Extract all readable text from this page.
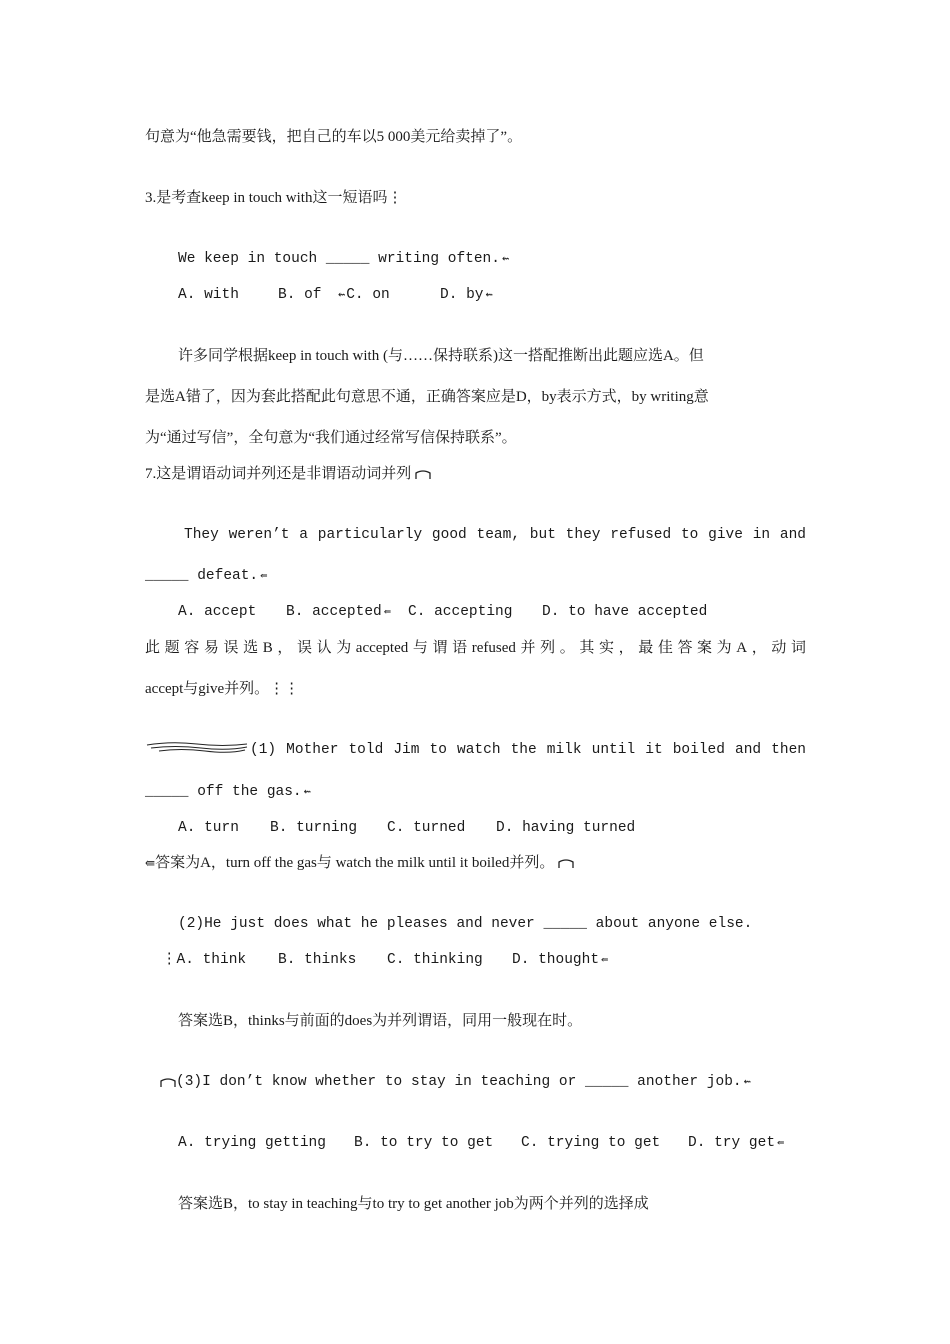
句意为“他急需要钱，把自己的车以5 000美元给卖掉了”。
3.是考查keep in touch with这一短语吗⋮
We keep in touch _____ writing often. ⇜
A. with	B. of ⇜C. on	D. by ⇜
许多同学根据keep in touch with (与……保持联系)这一搭配推断出此题应选A。但
是选A错了，因为套此搭配此句意思不通，正确答案应是D，by表示方式，by writing意
为“通过写信”，全句意为“我们通过经常写信保持联系”。
7.这是谓语动词并列还是非谓语动词并列
They weren’t a particularly good team, but they refused to give in and
_____ defeat. ⇚
A. accept B. accepted ⇚ C. accepting D. to have accepted
此题容易误选B，误认为accepted与谓语refused并列。其实，最佳答案为A，动词
accept与give并列。⋮⋮
(1) Mother told Jim to watch the milk until it boiled and then
_____ off the gas. ⇜
A. turn B. turning C. turned D. having turned
⇚答案为A，turn off the gas与 watch the milk until it boiled并列。
(2)He just does what he pleases and never _____ about anyone else.
⋮A. think B. thinks C. thinking D. thought ⇚
答案选B，thinks与前面的does为并列谓语，同用一般现在时。
(3)I don’t know whether to stay in teaching or _____ another job. ⇜
A. trying getting B. to try to get C. trying to get D. try get ⇚
答案选B，to stay in teaching与to try to get another job为两个并列的选择成
